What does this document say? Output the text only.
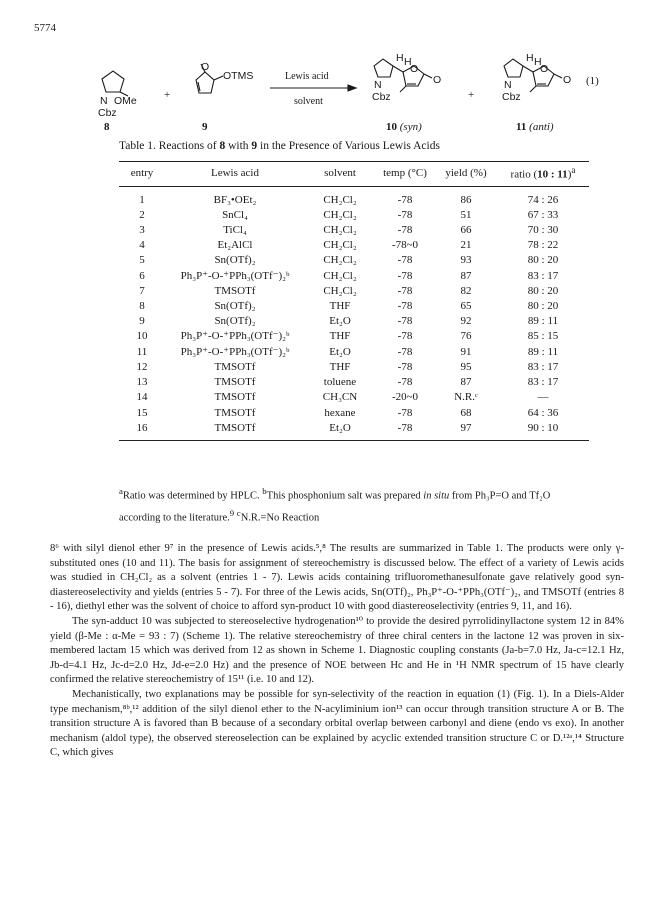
5774
N OMe
Cbz
8
+
O
OTMS
9
Lewis acid
solvent
N
Cbz
H H
O
O
10 (syn)
+
N
Cbz
H H
O
O
11 (anti)
(1)
Table 1. Reactions of 8 with 9 in the Presence of Various Lewis Acids
entry	Lewis acid	solvent	temp (°C)	yield (%)	ratio (10 : 11)$^a$
1	BF₃•OEt₂	CH₂Cl₂	-78	86	74 : 26
2	SnCl₄	CH₂Cl₂	-78	51	67 : 33
3	TiCl₄	CH₂Cl₂	-78	66	70 : 30
4	Et₂AlCl	CH₂Cl₂	-78~0	21	78 : 22
5	Sn(OTf)₂	CH₂Cl₂	-78	93	80 : 20
6	Ph₃P⁺-O-⁺PPh₃(OTf⁻)₂ᵇ	CH₂Cl₂	-78	87	83 : 17
7	TMSOTf	CH₂Cl₂	-78	82	80 : 20
8	Sn(OTf)₂	THF	-78	65	80 : 20
9	Sn(OTf)₂	Et₂O	-78	92	89 : 11
10	Ph₃P⁺-O-⁺PPh₃(OTf⁻)₂ᵇ	THF	-78	76	85 : 15
11	Ph₃P⁺-O-⁺PPh₃(OTf⁻)₂ᵇ	Et₂O	-78	91	89 : 11
12	TMSOTf	THF	-78	95	83 : 17
13	TMSOTf	toluene	-78	87	83 : 17
14	TMSOTf	CH₃CN	-20~0	N.R.ᶜ	—
15	TMSOTf	hexane	-78	68	64 : 36
16	TMSOTf	Et₂O	-78	97	90 : 10
$^a$Ratio was determined by HPLC. $^b$This phosphonium salt was prepared in situ from Ph₃P=O and Tf₂O according to the literature.$^9$ $^c$N.R.=No Reaction

8⁶ with silyl dienol ether 9⁷ in the presence of Lewis acids.⁵,⁸ The results are summarized in Table 1. The products were only γ-substituted ones (10 and 11). The basis for assignment of stereochemistry is discussed below. The effect of a variety of Lewis acids was studied in CH₂Cl₂ as a solvent (entries 1 - 7). Lewis acids containing trifluoromethanesulfonate gave relatively good syn-diastereoselectivity and yields (entries 5 - 7). For three of the Lewis acids, Sn(OTf)₂, Ph₃P⁺-O-⁺PPh₃(OTf⁻)₂, and TMSOTf (entries 8 - 16), diethyl ether was the solvent of choice to afford syn-product 10 with good diastereoselectivity (entries 9, 11, and 16).

The syn-adduct 10 was subjected to stereoselective hydrogenation¹⁰ to provide the desired pyrrolidinyllactone system 12 in 84% yield (β-Me : α-Me = 93 : 7) (Scheme 1). The relative stereochemistry of three chiral centers in the lactone 12 was proven in six-membered lactam 15 which was derived from 12 as shown in Scheme 1. Diagnostic coupling constants (Ja-b=7.0 Hz, Ja-c=12.1 Hz, Jb-d=4.1 Hz, Jc-d=2.0 Hz, Jd-e=2.0 Hz) and the presence of NOE between Hc and He in ¹H NMR spectrum of 15 have clearly confirmed the relative stereochemistry of 15¹¹ (i.e. 10 and 12).

Mechanistically, two explanations may be possible for syn-selectivity of the reaction in equation (1) (Fig. 1). In a Diels-Alder type mechanism,⁸ᵇ,¹² addition of the silyl dienol ether to the N-acyliminium ion¹³ can occur through transition structure A or B. The transition structure A is favored than B because of a secondary orbital overlap between carbonyl and diene (endo vs exo). In another mechanism (aldol type), the observed stereoselection can be explained by acyclic extended transition structure C or D.¹²ᵃ,¹⁴ Structure C, which gives
